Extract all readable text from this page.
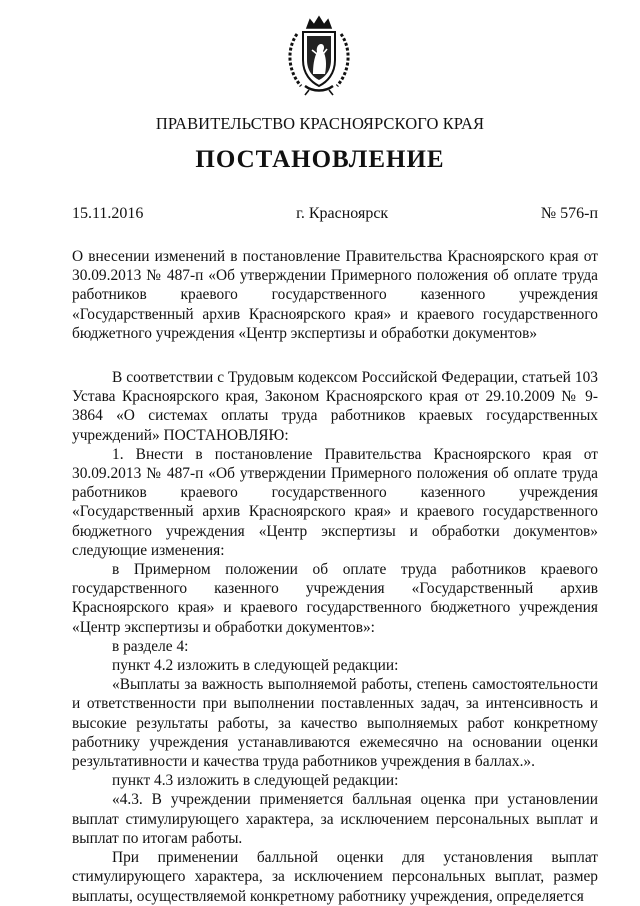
ПРАВИТЕЛЬСТВО КРАСНОЯРСКОГО КРАЯ
ПОСТАНОВЛЕНИЕ
15.11.2016	г. Красноярск	№ 576-п

О внесении изменений в постановление Правительства Красноярского края от 30.09.2013 № 487-п «Об утверждении Примерного положения об оплате труда работников краевого государственного казенного учреждения «Государственный архив Красноярского края» и краевого государственного бюджетного учреждения «Центр экспертизы и обработки документов»

В соответствии с Трудовым кодексом Российской Федерации, статьей 103 Устава Красноярского края, Законом Красноярского края от 29.10.2009 № 9-3864 «О системах оплаты труда работников краевых государственных учреждений» ПОСТАНОВЛЯЮ:

1. Внести в постановление Правительства Красноярского края от 30.09.2013 № 487-п «Об утверждении Примерного положения об оплате труда работников краевого государственного казенного учреждения «Государственный архив Красноярского края» и краевого государственного бюджетного учреждения «Центр экспертизы и обработки документов» следующие изменения:

в Примерном положении об оплате труда работников краевого государственного казенного учреждения «Государственный архив Красноярского края» и краевого государственного бюджетного учреждения «Центр экспертизы и обработки документов»:

в разделе 4:

пункт 4.2 изложить в следующей редакции:

«Выплаты за важность выполняемой работы, степень самостоятельности и ответственности при выполнении поставленных задач, за интенсивность и высокие результаты работы, за качество выполняемых работ конкретному работнику учреждения устанавливаются ежемесячно на основании оценки результативности и качества труда работников учреждения в баллах.».

пункт 4.3 изложить в следующей редакции:

«4.3. В учреждении применяется балльная оценка при установлении выплат стимулирующего характера, за исключением персональных выплат и выплат по итогам работы.

При применении балльной оценки для установления выплат стимулирующего характера, за исключением персональных выплат, размер выплаты, осуществляемой конкретному работнику учреждения, определяется
